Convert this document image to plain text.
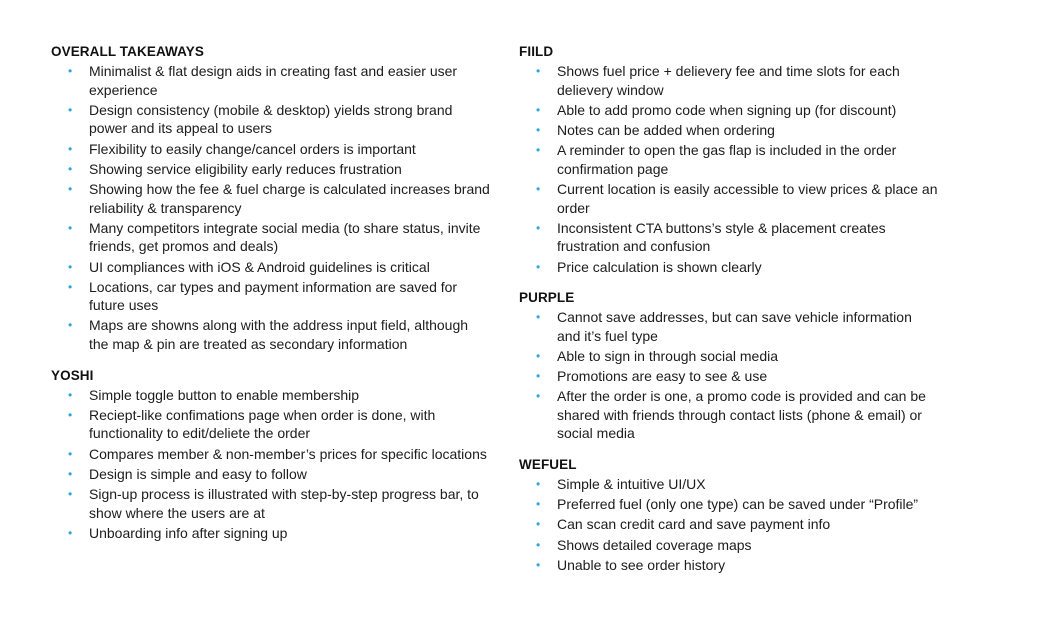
OVERALL TAKEAWAYS
• Minimalist & flat design aids in creating fast and easier user experience
• Design consistency (mobile & desktop) yields strong brand power and its appeal to users
• Flexibility to easily change/cancel orders is important
• Showing service eligibility early reduces frustration
• Showing how the fee & fuel charge is calculated increases brand reliability & transparency
• Many competitors integrate social media (to share status, invite friends, get promos and deals)
• UI compliances with iOS & Android guidelines is critical
• Locations, car types and payment information are saved for future uses
• Maps are showns along with the address input field, although the map & pin are treated as secondary information
YOSHI
• Simple toggle button to enable membership
• Reciept-like confimations page when order is done, with functionality to edit/deliete the order
• Compares member & non-member’s prices for specific locations
• Design is simple and easy to follow
• Sign-up process is illustrated with step-by-step progress bar, to show where the users are at
• Unboarding info after signing up
FIILD
• Shows fuel price + delievery fee and time slots for each delievery window
• Able to add promo code when signing up (for discount)
• Notes can be added when ordering
• A reminder to open the gas flap is included in the order confirmation page
• Current location is easily accessible to view prices & place an order
• Inconsistent CTA buttons’s style & placement creates frustration and confusion
• Price calculation is shown clearly
PURPLE
• Cannot save addresses, but can save vehicle information and it’s fuel type
• Able to sign in through social media
• Promotions are easy to see & use
• After the order is one, a promo code is provided and can be shared with friends through contact lists (phone & email) or social media
WEFUEL
• Simple & intuitive UI/UX
• Preferred fuel (only one type) can be saved under “Profile”
• Can scan credit card and save payment info
• Shows detailed coverage maps
• Unable to see order history
